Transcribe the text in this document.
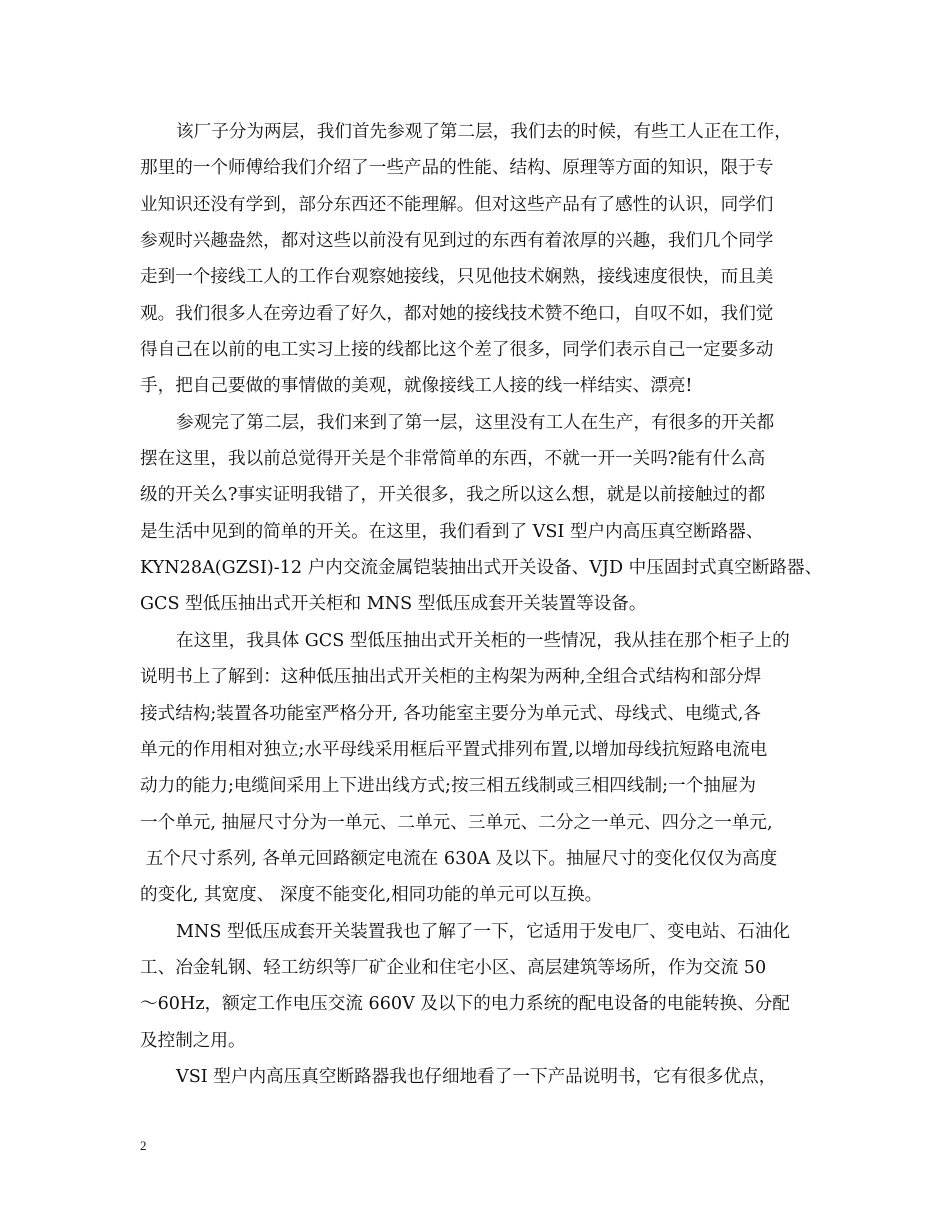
该厂子分为两层，我们首先参观了第二层，我们去的时候，有些工人正在工作，
那里的一个师傅给我们介绍了一些产品的性能、结构、原理等方面的知识，限于专
业知识还没有学到，部分东西还不能理解。但对这些产品有了感性的认识，同学们
参观时兴趣盎然，都对这些以前没有见到过的东西有着浓厚的兴趣，我们几个同学
走到一个接线工人的工作台观察她接线，只见他技术娴熟，接线速度很快，而且美
观。我们很多人在旁边看了好久，都对她的接线技术赞不绝口，自叹不如，我们觉
得自己在以前的电工实习上接的线都比这个差了很多，同学们表示自己一定要多动
手，把自己要做的事情做的美观，就像接线工人接的线一样结实、漂亮!
参观完了第二层，我们来到了第一层，这里没有工人在生产，有很多的开关都
摆在这里，我以前总觉得开关是个非常简单的东西，不就一开一关吗?能有什么高
级的开关么?事实证明我错了，开关很多，我之所以这么想，就是以前接触过的都
是生活中见到的简单的开关。在这里，我们看到了 VSI 型户内高压真空断路器、
KYN28A(GZSI)-12 户内交流金属铠装抽出式开关设备、VJD 中压固封式真空断路器、
GCS 型低压抽出式开关柜和 MNS 型低压成套开关装置等设备。
在这里，我具体 GCS 型低压抽出式开关柜的一些情况，我从挂在那个柜子上的
说明书上了解到：这种低压抽出式开关柜的主构架为两种,全组合式结构和部分焊
接式结构;装置各功能室严格分开, 各功能室主要分为单元式、母线式、电缆式,各
单元的作用相对独立;水平母线采用框后平置式排列布置,以增加母线抗短路电流电
动力的能力;电缆间采用上下进出线方式;按三相五线制或三相四线制;一个抽屉为
一个单元, 抽屉尺寸分为一单元、二单元、三单元、二分之一单元、四分之一单元,
五个尺寸系列, 各单元回路额定电流在 630A 及以下。抽屉尺寸的变化仅仅为高度
的变化, 其宽度、 深度不能变化,相同功能的单元可以互换。
MNS 型低压成套开关装置我也了解了一下，它适用于发电厂、变电站、石油化
工、冶金轧钢、轻工纺织等厂矿企业和住宅小区、高层建筑等场所，作为交流 50
～60Hz，额定工作电压交流 660V 及以下的电力系统的配电设备的电能转换、分配
及控制之用。
VSI 型户内高压真空断路器我也仔细地看了一下产品说明书，它有很多优点，
2
